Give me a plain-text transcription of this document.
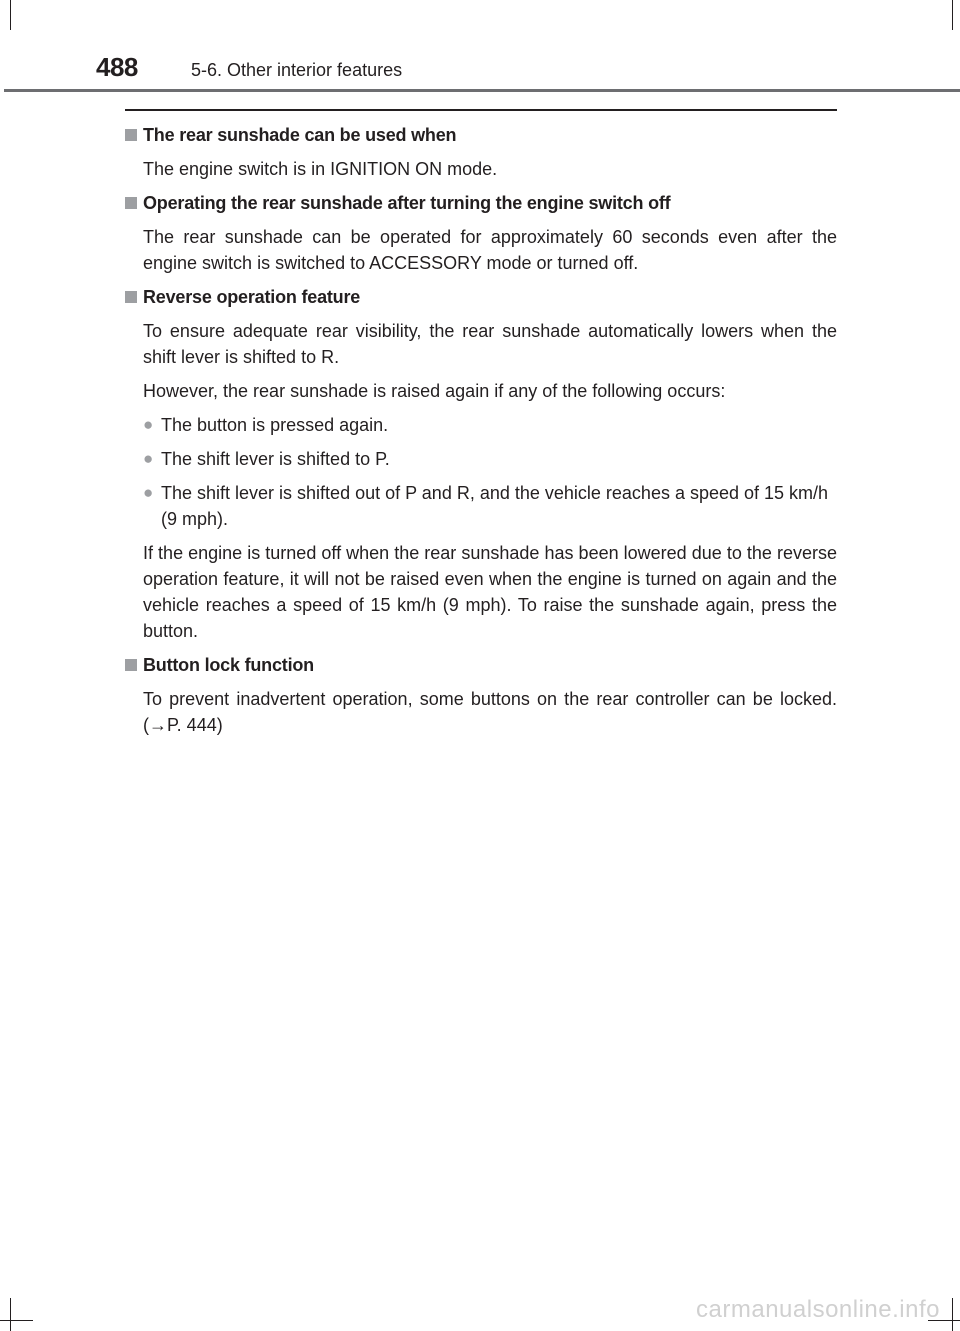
488	5-6. Other interior features
The rear sunshade can be used when
The engine switch is in IGNITION ON mode.
Operating the rear sunshade after turning the engine switch off
The rear sunshade can be operated for approximately 60 seconds even after the engine switch is switched to ACCESSORY mode or turned off.
Reverse operation feature
To ensure adequate rear visibility, the rear sunshade automatically lowers when the shift lever is shifted to R.
However, the rear sunshade is raised again if any of the following occurs:
● The button is pressed again.
● The shift lever is shifted to P.
● The shift lever is shifted out of P and R, and the vehicle reaches a speed of 15 km/h (9 mph).
If the engine is turned off when the rear sunshade has been lowered due to the reverse operation feature, it will not be raised even when the engine is turned on again and the vehicle reaches a speed of 15 km/h (9 mph). To raise the sunshade again, press the button.
Button lock function
To prevent inadvertent operation, some buttons on the rear controller can be locked. (→P. 444)
carmanualsonline.info
